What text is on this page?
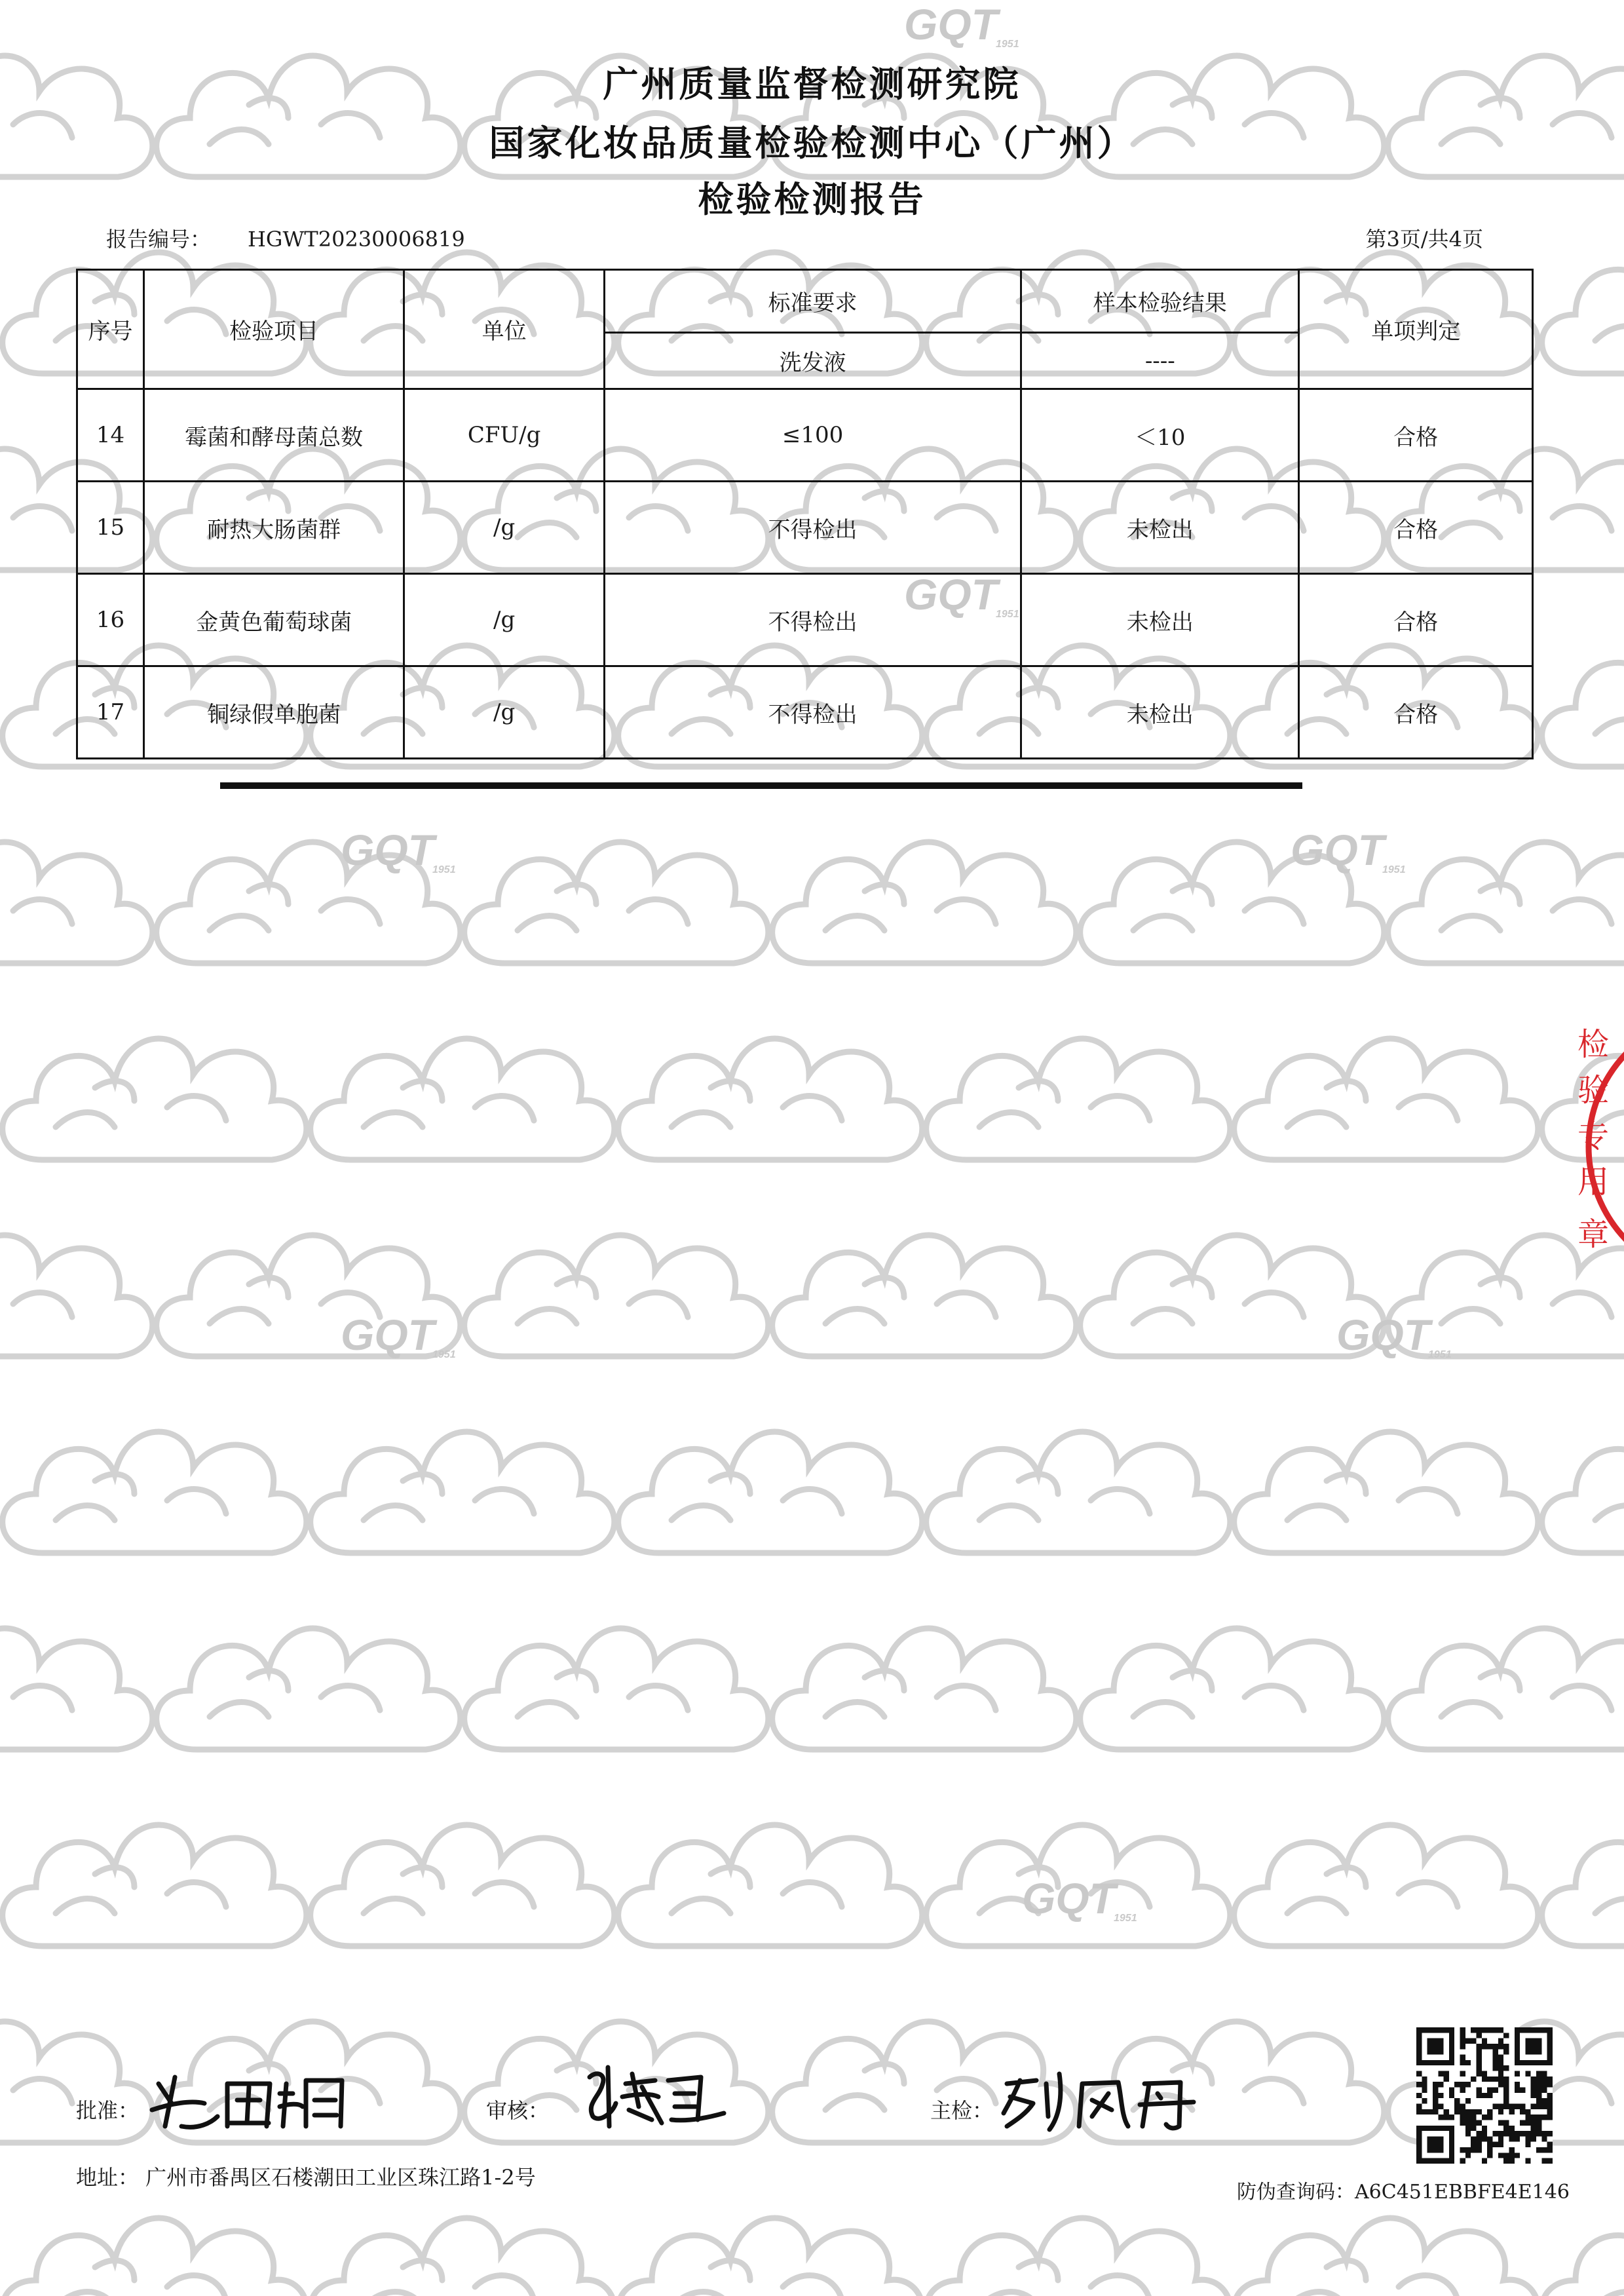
GQT
1951
GQT
1951	GQT
1951
GQT
1951	GQT
1951
GQT
1951
GQT
1951
广州质量监督检测研究院
国家化妆品质量检验检测中心（广州）
检验检测报告
报告编号： HGWT20230006819	第3页/共4页
序号	检验项目	单位	标准要求	样本检验结果	单项判定
			洗发液	----	
14	霉菌和酵母菌总数	CFU/g	≤100	＜10	合格
15	耐热大肠菌群	/g	不得检出	未检出	合格
16	金黄色葡萄球菌	/g	不得检出	未检出	合格
17	铜绿假单胞菌	/g	不得检出	未检出	合格
批准：	审核：	主检：
地址： 广州市番禺区石楼潮田工业区珠江路1-2号
防伪查询码：A6C451EBBFE4E146
检
验
专
用
章
